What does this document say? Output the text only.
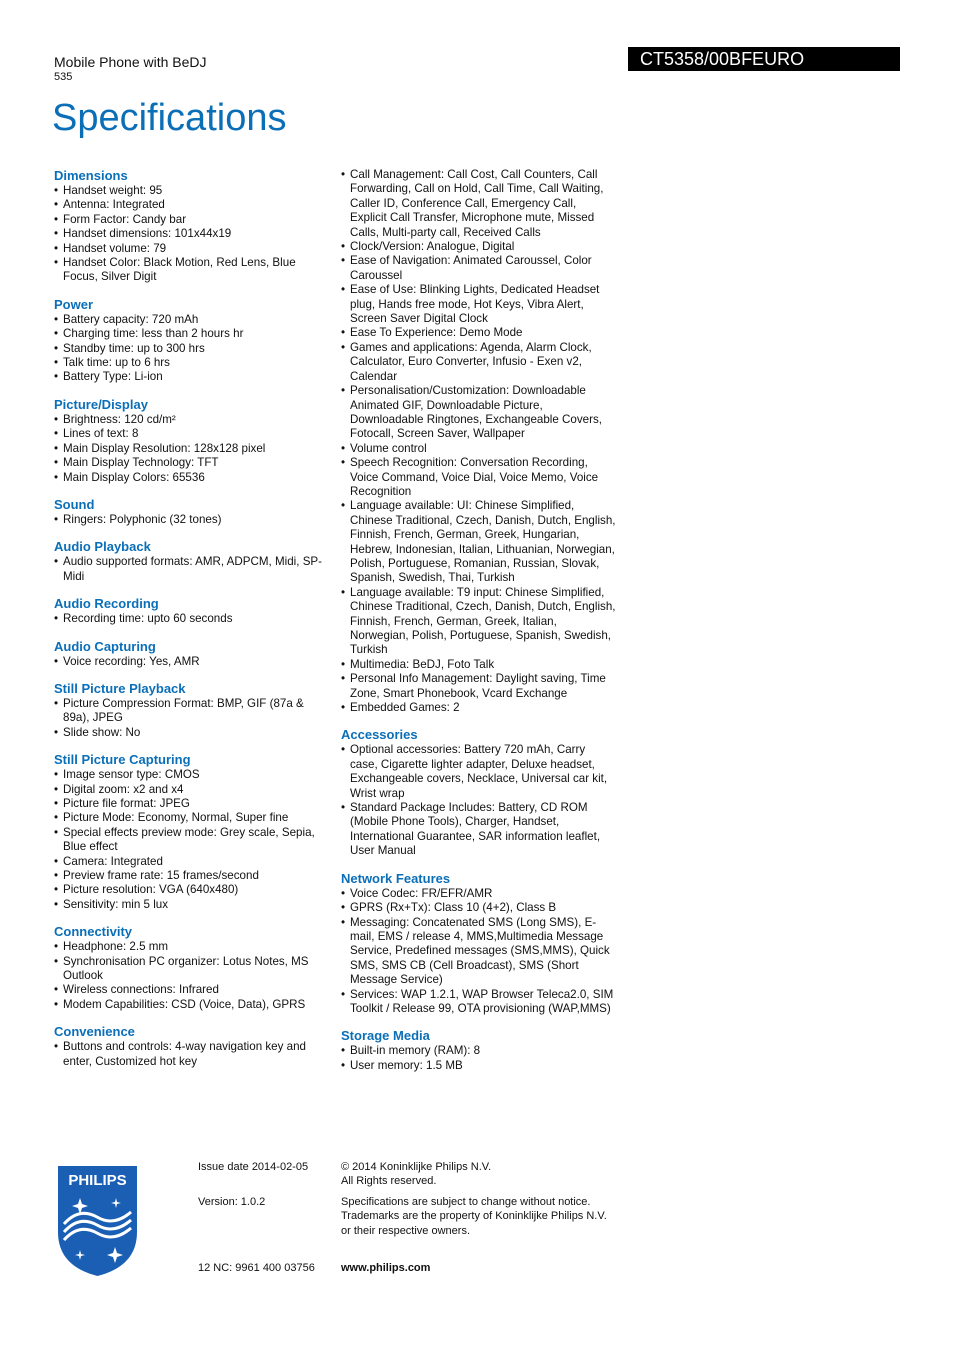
Mobile Phone with BeDJ
535
CT5358/00BFEURO
Specifications
Dimensions
• Handset weight: 95
• Antenna: Integrated
• Form Factor: Candy bar
• Handset dimensions: 101x44x19
• Handset volume: 79
• Handset Color: Black Motion, Red Lens, Blue Focus, Silver Digit
Power
• Battery capacity: 720 mAh
• Charging time: less than 2 hours hr
• Standby time: up to 300 hrs
• Talk time: up to 6 hrs
• Battery Type: Li-ion
Picture/Display
• Brightness: 120 cd/m²
• Lines of text: 8
• Main Display Resolution: 128x128 pixel
• Main Display Technology: TFT
• Main Display Colors: 65536
Sound
• Ringers: Polyphonic (32 tones)
Audio Playback
• Audio supported formats: AMR, ADPCM, Midi, SP-Midi
Audio Recording
• Recording time: upto 60 seconds
Audio Capturing
• Voice recording: Yes, AMR
Still Picture Playback
• Picture Compression Format: BMP, GIF (87a & 89a), JPEG
• Slide show: No
Still Picture Capturing
• Image sensor type: CMOS
• Digital zoom: x2 and x4
• Picture file format: JPEG
• Picture Mode: Economy, Normal, Super fine
• Special effects preview mode: Grey scale, Sepia, Blue effect
• Camera: Integrated
• Preview frame rate: 15 frames/second
• Picture resolution: VGA (640x480)
• Sensitivity: min 5 lux
Connectivity
• Headphone: 2.5 mm
• Synchronisation PC organizer: Lotus Notes, MS Outlook
• Wireless connections: Infrared
• Modem Capabilities: CSD (Voice, Data), GPRS
Convenience
• Buttons and controls: 4-way navigation key and enter, Customized hot key
• Call Management: Call Cost, Call Counters, Call Forwarding, Call on Hold, Call Time, Call Waiting, Caller ID, Conference Call, Emergency Call, Explicit Call Transfer, Microphone mute, Missed Calls, Multi-party call, Received Calls
• Clock/Version: Analogue, Digital
• Ease of Navigation: Animated Caroussel, Color Caroussel
• Ease of Use: Blinking Lights, Dedicated Headset plug, Hands free mode, Hot Keys, Vibra Alert, Screen Saver Digital Clock
• Ease To Experience: Demo Mode
• Games and applications: Agenda, Alarm Clock, Calculator, Euro Converter, Infusio - Exen v2, Calendar
• Personalisation/Customization: Downloadable Animated GIF, Downloadable Picture, Downloadable Ringtones, Exchangeable Covers, Fotocall, Screen Saver, Wallpaper
• Volume control
• Speech Recognition: Conversation Recording, Voice Command, Voice Dial, Voice Memo, Voice Recognition
• Language available: UI: Chinese Simplified, Chinese Traditional, Czech, Danish, Dutch, English, Finnish, French, German, Greek, Hungarian, Hebrew, Indonesian, Italian, Lithuanian, Norwegian, Polish, Portuguese, Romanian, Russian, Slovak, Spanish, Swedish, Thai, Turkish
• Language available: T9 input: Chinese Simplified, Chinese Traditional, Czech, Danish, Dutch, English, Finnish, French, German, Greek, Italian, Norwegian, Polish, Portuguese, Spanish, Swedish, Turkish
• Multimedia: BeDJ, Foto Talk
• Personal Info Management: Daylight saving, Time Zone, Smart Phonebook, Vcard Exchange
• Embedded Games: 2
Accessories
• Optional accessories: Battery 720 mAh, Carry case, Cigarette lighter adapter, Deluxe headset, Exchangeable covers, Necklace, Universal car kit, Wrist wrap
• Standard Package Includes: Battery, CD ROM (Mobile Phone Tools), Charger, Handset, International Guarantee, SAR information leaflet, User Manual
Network Features
• Voice Codec: FR/EFR/AMR
• GPRS (Rx+Tx): Class 10 (4+2), Class B
• Messaging: Concatenated SMS (Long SMS), E-mail, EMS / release 4, MMS,Multimedia Message Service, Predefined messages (SMS,MMS), Quick SMS, SMS CB (Cell Broadcast), SMS (Short Message Service)
• Services: WAP 1.2.1, WAP Browser Teleca2.0, SIM Toolkit / Release 99, OTA provisioning (WAP,MMS)
Storage Media
• Built-in memory (RAM): 8
• User memory: 1.5 MB
PHILIPS
Issue date 2014-02-05
Version: 1.0.2
12 NC: 9961 400 03756
© 2014 Koninklijke Philips N.V.
All Rights reserved.
Specifications are subject to change without notice.
Trademarks are the property of Koninklijke Philips N.V.
or their respective owners.
www.philips.com
